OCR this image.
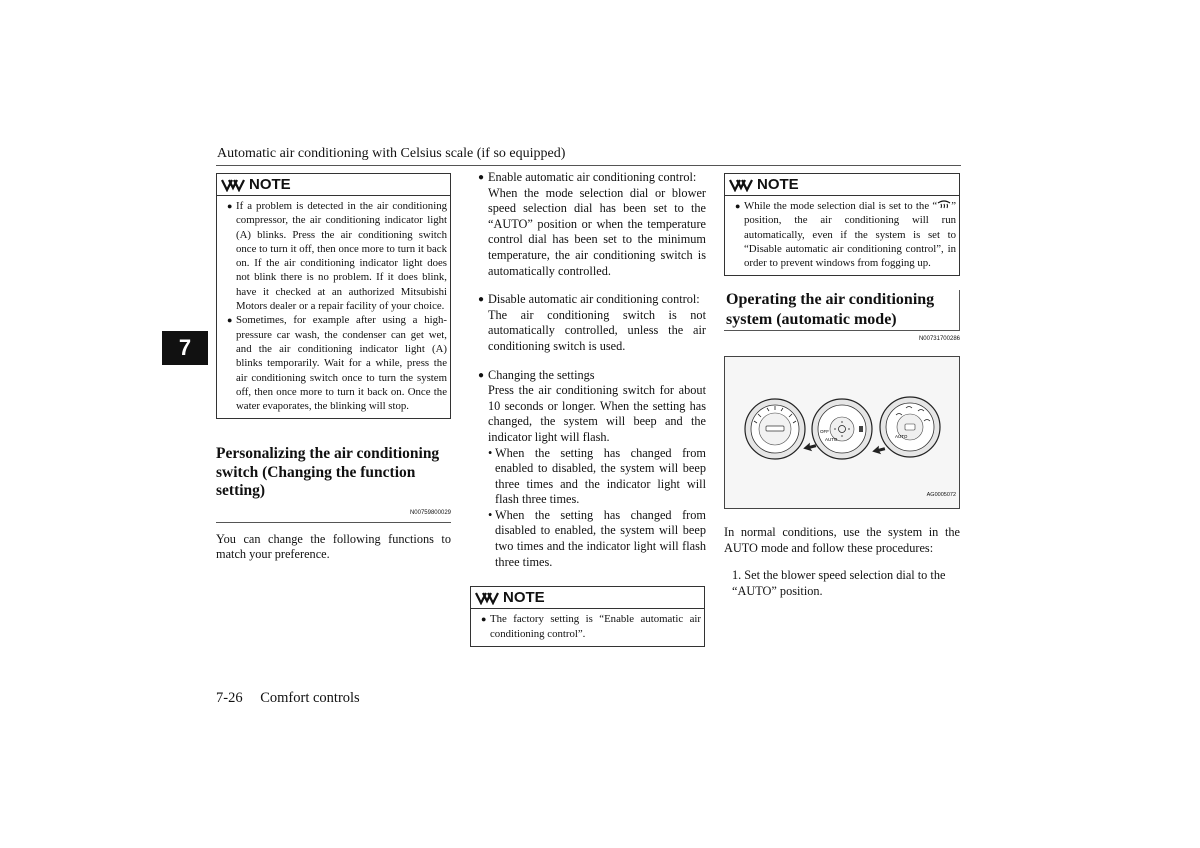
Automatic air conditioning with Celsius scale (if so equipped)
7
NOTE
● If a problem is detected in the air conditioning compressor, the air conditioning indicator light (A) blinks. Press the air conditioning switch once to turn it off, then once more to turn it back on. If the air conditioning indicator light does not blink there is no problem. If it does blink, have it checked at an authorized Mitsubishi Motors dealer or a repair facility of your choice.
● Sometimes, for example after using a high-pressure car wash, the condenser can get wet, and the air conditioning indicator light (A) blinks temporarily. Wait for a while, press the air conditioning switch once to turn the system off, then once more to turn it back on. Once the water evaporates, the blinking will stop.
Personalizing the air conditioning switch (Changing the function setting)
N00759800029
You can change the following functions to match your preference.
● Enable automatic air conditioning control:
When the mode selection dial or blower speed selection dial has been set to the “AUTO” position or when the temperature control dial has been set to the minimum temperature, the air conditioning switch is automatically controlled.
● Disable automatic air conditioning control:
The air conditioning switch is not automatically controlled, unless the air conditioning switch is used.
● Changing the settings
Press the air conditioning switch for about 10 seconds or longer. When the setting has changed, the system will beep and the indicator light will flash.
• When the setting has changed from enabled to disabled, the system will beep three times and the indicator light will flash three times.
• When the setting has changed from disabled to enabled, the system will beep two times and the indicator light will flash three times.
NOTE
● The factory setting is “Enable automatic air conditioning control”.
NOTE
● While the mode selection dial is set to the “ ” position, the air conditioning will run automatically, even if the system is set to “Disable automatic air conditioning control”, in order to prevent windows from fogging up.
Operating the air conditioning system (automatic mode)
N00731700286
OFF
AUTO
AUTO
AG0005072
In normal conditions, use the system in the AUTO mode and follow these procedures:
1. Set the blower speed selection dial to the “AUTO” position.
7-26 Comfort controls
